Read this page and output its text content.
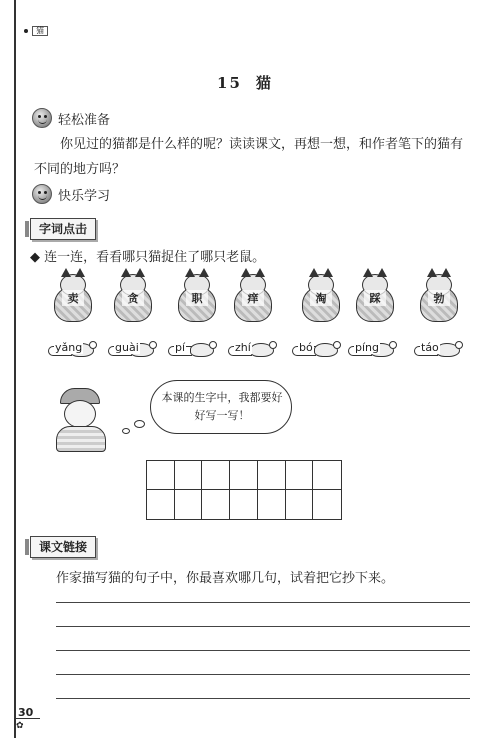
猫
15 猫
轻松准备
你见过的猫都是什么样的呢？读读课文，再想一想，和作者笔下的猫有不同的地方吗？
快乐学习
字词点击
◆ 连一连，看看哪只猫捉住了哪只老鼠。
卖	贪	职	痒	淘	踩	勃
yǎng	guài	pí	zhí	bó	píng	táo
本课的生字中，我都要好好写一写！
课文链接
作家描写猫的句子中，你最喜欢哪几句，试着把它抄下来。
30
✿
